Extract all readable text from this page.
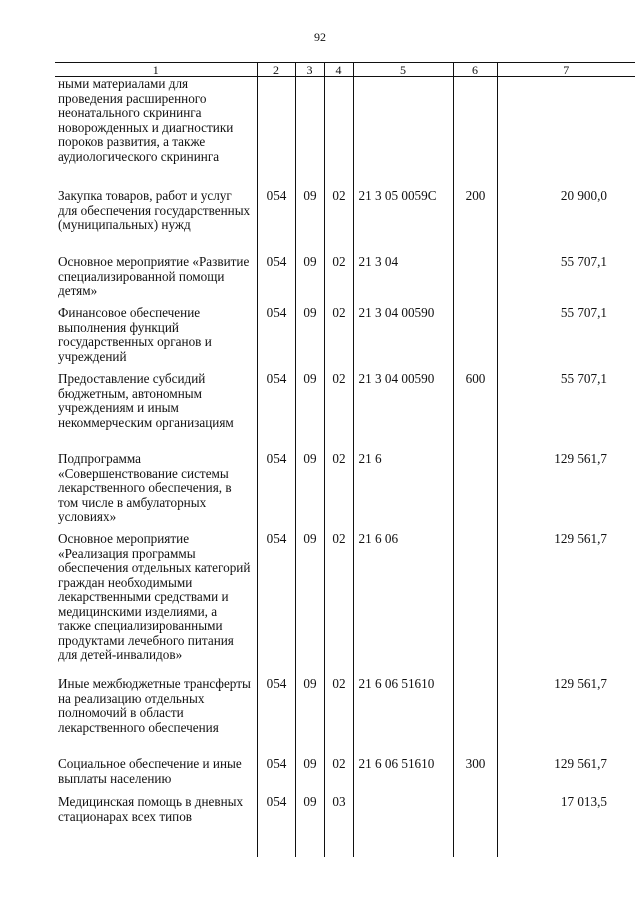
92
1	2	3	4	5	6	7
ными материалами для проведения расширенного неонатального скрининга новорожденных и диагностики пороков развития, а также аудиологического скрининга						
Закупка товаров, работ и услуг для обеспечения государственных (муниципальных) нужд	054	09	02	21 3 05 0059С	200	20 900,0
Основное мероприятие «Развитие специализированной помощи детям»	054	09	02	21 3 04		55 707,1
Финансовое обеспечение выполнения функций государственных органов и учреждений	054	09	02	21 3 04 00590		55 707,1
Предоставление субсидий бюджетным, автономным учреждениям и иным некоммерческим организациям	054	09	02	21 3 04 00590	600	55 707,1
Подпрограмма «Совершенствование системы лекарственного обеспечения, в том числе в амбулаторных условиях»	054	09	02	21 6		129 561,7
Основное мероприятие «Реализация программы обеспечения отдельных категорий граждан необходимыми лекарственными средствами и медицинскими изделиями, а также специализированными продуктами лечебного питания для детей-инвалидов»	054	09	02	21 6 06		129 561,7
Иные межбюджетные трансферты на реализацию отдельных полномочий в области лекарственного обеспечения	054	09	02	21 6 06 51610		129 561,7
Социальное обеспечение и иные выплаты населению	054	09	02	21 6 06 51610	300	129 561,7
Медицинская помощь в дневных стационарах всех типов	054	09	03			17 013,5
